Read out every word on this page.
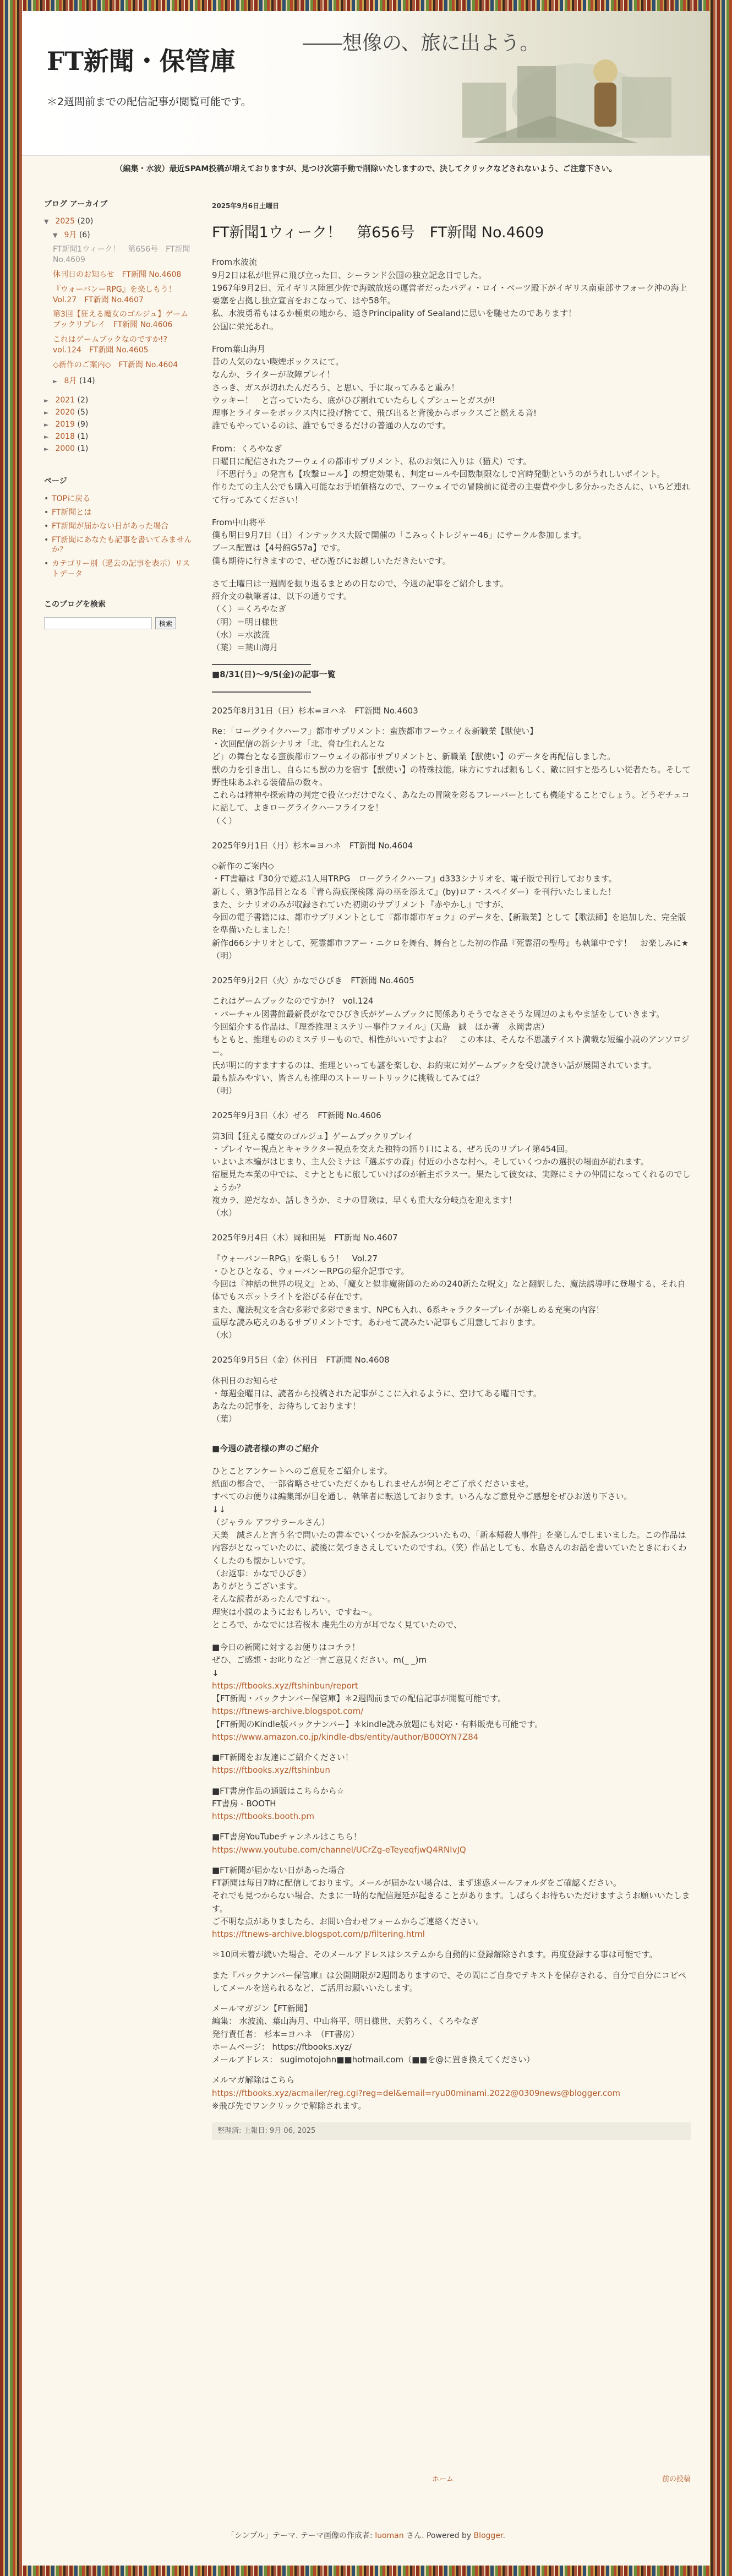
FT新聞・保管庫
――想像の、旅に出よう。
＊2週間前までの配信記事が閲覧可能です。
（編集・水波）最近SPAM投稿が増えておりますが、見つけ次第手動で削除いたしますので、決してクリックなどされないよう、ご注意下さい。
ブログ アーカイブ
▼ 2025 (20)
▼ 9月 (6)
FT新聞1ウィーク！　第656号　FT新聞 No.4609
休刊日のお知らせ　FT新聞 No.4608
『ウォーバンーRPG』を楽しもう！　Vol.27　FT新聞 No.4607
第3回【狂える魔女のゴルジュ】ゲームブックリプレイ　FT新聞 No.4606
これはゲームブックなのですか!?　vol.124　FT新聞 No.4605
◇新作のご案内◇　FT新聞 No.4604
► 8月 (14)
► 2021 (2)
► 2020 (5)
► 2019 (9)
► 2018 (1)
► 2000 (1)
ページ
• TOPに戻る
• FT新聞とは
• FT新聞が届かない日があった場合
• FT新聞にあなたも記事を書いてみませんか？
• カテゴリー別（過去の記事を表示）リストデータ
このブログを検索
検索
2025年9月6日土曜日
FT新聞1ウィーク！　第656号　FT新聞 No.4609
From水波流
9月2日は私が世界に飛び立った日、シーランド公国の独立記念日でした。
1967年9月2日、元イギリス陸軍少佐で海賊放送の運営者だったパディ・ロイ・ベーツ殿下がイギリス南東部サフォーク沖の海上要塞を占拠し独立宣言をおこなって、はや58年。
私、水波勇希もはるか極東の地から、遠きPrincipality of Sealandに思いを馳せたのであります！
公国に栄光あれ。
From葉山海月
昔の人気のない喫煙ボックスにて。
なんか、ライターが故障プレイ！
さっき、ガスが切れたんだろう、と思い、手に取ってみると重み！
ウッキー！　と言っていたら、底がひび割れていたらしくプシューとガスが!
理事とライターをボックス内に投げ捨てて、飛び出ると背後からボックスごと燃える音!
誰でもやっているのは、誰でもできるだけの普通の人なのです。
From：くろやなぎ
日曜日に配信されたフーウェイの都市サプリメント、私のお気に入りは（猫犬）です。
『不思行う』の発言も【攻撃ロール】の想定効果も、判定ロールや回数制限なしで宮時発動というのがうれしいポイント。
作りたての主人公でも購入可能なお手頃価格なので、フーウェイでの冒険前に従者の主要費や少し多分かったさんに、いちど連れて行ってみてください！
From中山将平
僕も明日9月7日（日）インテックス大阪で開催の「こみっくトレジャー46」にサークル参加します。
ブース配置は【4号館G57a】です。
僕も期待に行きますので、ぜひ遊びにお越しいただきたいです。
さて土曜日は一週間を振り返るまとめの日なので、今週の記事をご紹介します。
紹介文の執筆者は、以下の通りです。
（く）＝くろやなぎ
（明）＝明日様世
（水）＝水波流
（葉）＝葉山海月
■8/31(日)～9/5(金)の記事一覧
2025年8月31日（日）杉本=ヨハネ　FT新聞 No.4603
Re：「ローグライクハーフ」都市サプリメント：蛮族都市フーウェイ＆新職業【獣使い】
・次回配信の新シナリオ「北、脅む生れんとな
ど」の舞台となる蛮族都市フーウェイの都市サプリメントと、新職業【獣使い】のデータを再配信しました。
獣の力を引き出し、自らにも獣の力を宿す【獣使い】の特殊技能。味方にすれば頼もしく、敵に回すと恐ろしい従者たち。そして野性味あふれる装備品の数々。
これらは精神や探索時の判定で役立つだけでなく、あなたの冒険を彩るフレーバーとしても機能することでしょう。どうぞチェコに話して、よきローグライクハーフライフを！
（く）
2025年9月1日（月）杉本=ヨハネ　FT新聞 No.4604
◇新作のご案内◇
・FT書籍は『30分で遊ぶ1人用TRPG　ローグライクハーフ』d333シナリオを、電子版で刊行しております。
新しく、第3作品目となる『青ら海底探検隊 海の巫を添えて』(by)ロア・スペイダー）を刊行いたしました！
また、シナリオのみが収録されていた初期のサプリメント『赤やかし』ですが、
今回の電子書籍には、都市サプリメントとして『都市都市ギョク』のデータを、【新職業】として【歌法師】を追加した、完全版を準備いたしました！
新作d66シナリオとして、死霊都市フアー・ニクロを舞台、舞台とした初の作品『死霊沼の聖母』も執筆中です！　お楽しみに★
（明）
2025年9月2日（火）かなでひびき　FT新聞 No.4605
これはゲームブックなのですか!?　vol.124
・パーチャル図書館最新長がなでひびき氏がゲームブックに関係ありそうでなさそうな周辺のよもやま話をしていきます。
今回紹介する作品は、『理香推理ミステリー事件ファイル』(天島　誠　ほか著　永岡書店）
もともと、推理もののミステリーもので、相性がいいですよね？　この本は、そんな不思議テイスト満載な短編小説のアンソロジー。
氏が明に的すますするのは、推理といっても謎を楽しむ、お約束に対ゲームブックを受け読きい話が展開されています。
最も読みやすい、皆さんも推理のストーリートリックに挑戦してみては？
（明）
2025年9月3日（水）ぜろ　FT新聞 No.4606
第3回【狂える魔女のゴルジュ】ゲームブックリプレイ
・プレイヤー視点とキャラクター視点を交えた独特の語り口による、ぜろ氏のリプレイ第454回。
いよいよ本編がはじまり、主人公ミナは「選ぶすの森」付近の小さな村へ。そしていくつかの選択の場面が訪れます。
宿屋見た本業の中では、ミナとともに旅していけばのが新主ポラス一。果たして彼女は、実際にミナの仲間になってくれるのでしょうか？
複カラ、逆だなか、話しきうか、ミナの冒険は、早くも重大な分岐点を迎えます！
（水）
2025年9月4日（木）岡和田晃　FT新聞 No.4607
『ウォーバンーRPG』を楽しもう！　Vol.27
・ひとひとなる、ウォーバンーRPGの紹介記事です。
今回は『神話の世界の呪文』とめ、「魔女と似非魔術師のための240新たな呪文」なと翻訳した、魔法誘導呼に登場する、それ自体でもスポットライトを浴びる存在です。
また、魔法呪文を含む多彩で多彩できます、NPCも入れ、6系キャラクタープレイが楽しめる充実の内容！
重厚な読み応えのあるサプリメントです。あわせて読みたい記事もご用意しております。
（水）
2025年9月5日（金）休刊日　FT新聞 No.4608
休刊日のお知らせ
・毎週金曜日は、読者から投稿された記事がここに入れるように、空けてある曜日です。
あなたの記事を、お待ちしております！
（葉）
■今週の読者様の声のご紹介
ひとことアンケートへのご意見をご紹介します。
紙面の都合で、一部省略させていただくかもしれませんが何とぞご了承くださいませ。
すべてのお便りは編集部が目を通し、執筆者に転送しております。いろんなご意見やご感想をぜひお送り下さい。
↓↓
（ジャラル アフサラールさん）
天美　誠さんと言う名で問いたの書本でいくつかを読みつついたもの、「新本帰殺人事件」を楽しんでしまいました。この作品は内容がとなっていたのに、読後に気づきさえしていたのですね。（笑）作品としても、水島さんのお話を書いていたときにわくわくしたのも懐かしいです。
（お返事：かなでひびき）
ありがとうございます。
そんな読者があったんですね〜。
理実は小説のようにおもしろい、ですね〜。
ところで、かなでには若桜木 虔先生の方が耳でなく見ていたので、
■今日の新聞に対するお便りはコチラ！
ぜひ、ご感想・お叱りなど一言ご意見ください。m(_ _)m
↓
https://ftbooks.xyz/ftshinbun/report
【FT新聞・バックナンバー保管庫】＊2週間前までの配信記事が閲覧可能です。
https://ftnews-archive.blogspot.com/
【FT新聞のKindle版バックナンバー】＊kindle読み放題にも対応・有料販売も可能です。
https://www.amazon.co.jp/kindle-dbs/entity/author/B00OYN7Z84
■FT新聞をお友達にご紹介ください！
https://ftbooks.xyz/ftshinbun
■FT書房作品の通販はこちらから☆
FT書房 - BOOTH
https://ftbooks.booth.pm
■FT書房YouTubeチャンネルはこちら！
https://www.youtube.com/channel/UCrZg-eTeyeqfjwQ4RNIvJQ
■FT新聞が届かない日があった場合
FT新聞は毎日7時に配信しております。メールが届かない場合は、まず迷惑メールフォルダをご確認ください。
それでも見つからない場合、たまに一時的な配信遅延が起きることがあります。しばらくお待ちいただけますようお願いいたします。
ご不明な点がありましたら、お問い合わせフォームからご連絡ください。
https://ftnews-archive.blogspot.com/p/filtering.html
＊10回未着が続いた場合、そのメールアドレスはシステムから自動的に登録解除されます。再度登録する事は可能です。
また『バックナンバー保管庫』は公開期限が2週間ありますので、その間にご自身でテキストを保存される、自分で自分にコピペしてメールを送られるなど、ご活用お願いいたします。
メールマガジン【FT新聞】
編集： 水波流、葉山海月、中山将平、明日様世、天豹ろく、くろやなぎ
発行責任者： 杉本=ヨハネ　（FT書房）
ホームページ： https://ftbooks.xyz/
メールアドレス： sugimotojohn■■hotmail.com（■■を@に置き換えてください）
メルマガ解除はこちら
https://ftbooks.xyz/acmailer/reg.cgi?reg=del&email=ryu00minami.2022@0309news@blogger.com
※飛び先でワンクリックで解除されます。
整理済: 上報日: 9月 06, 2025
ホーム	前の投稿
「シンプル」テーマ. テーマ画像の作成者: luoman さん. Powered by Blogger.
